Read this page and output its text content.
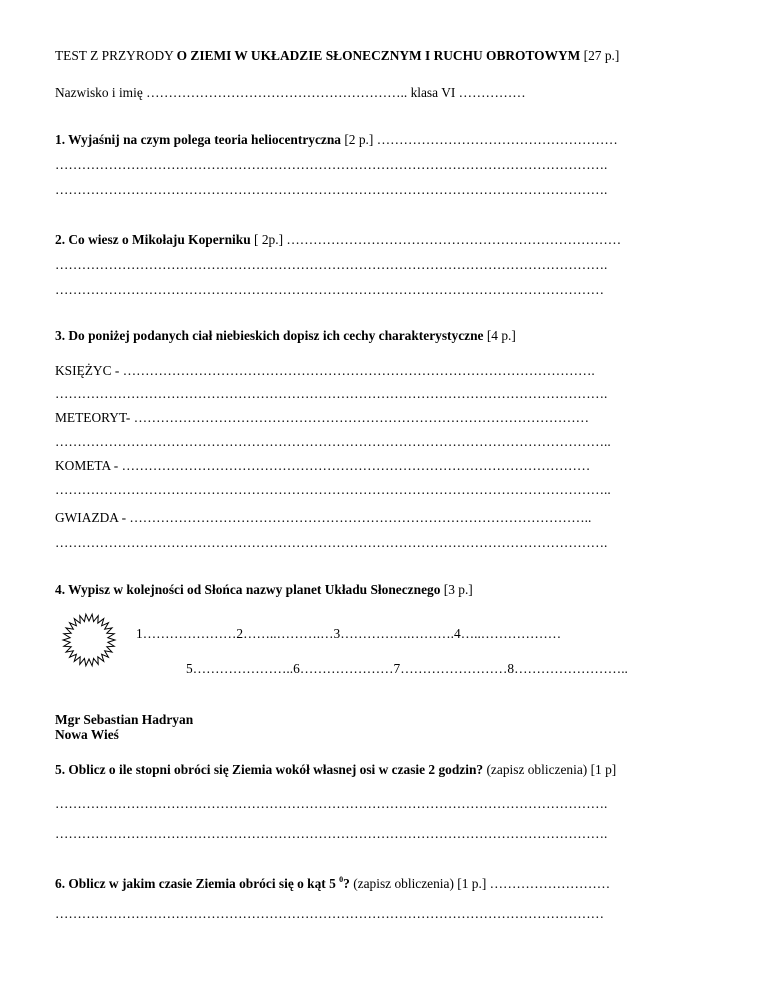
TEST Z PRZYRODY O ZIEMI W UKŁADZIE SŁONECZNYM I RUCHU OBROTOWYM [27 p.]
Nazwisko i imię ………………………………………………….. klasa VI ……………
1. Wyjaśnij na czym polega teoria heliocentryczna [2 p.] ………………………………………………
…………………………………………………………………………………………………………….
…………………………………………………………………………………………………………….
2. Co wiesz o Mikołaju Koperniku [ 2p.] …………………………………………………………………
…………………………………………………………………………………………………………….
……………………………………………………………………………………………………………
3. Do poniżej podanych ciał niebieskich dopisz ich cechy charakterystyczne [4 p.]
KSIĘŻYC - …………………………………………………………………………………………….
…………………………………………………………………………………………………………….
METEORYT- …………………………………………………………………………………………
……………………………………………………………………………………………………………..
KOMETA - ……………………………………………………………………………………………
……………………………………………………………………………………………………………..
GWIAZDA - …………………………………………………………………………………………..
…………………………………………………………………………………………………………….
4. Wypisz w kolejności od Słońca nazwy planet Układu Słonecznego [3 p.]
1…………………2……..……….…3…………….……….4…..………………
5…………………..6…………………7……………………8……………………..
Mgr Sebastian Hadryan
Nowa Wieś
5. Oblicz o ile stopni obróci się Ziemia wokół własnej osi w czasie 2 godzin? (zapisz obliczenia) [1 p]
…………………………………………………………………………………………………………….
…………………………………………………………………………………………………………….
6. Oblicz w jakim czasie Ziemia obróci się o kąt 5 $^0$? (zapisz obliczenia) [1 p.] ………………………
……………………………………………………………………………………………………………
